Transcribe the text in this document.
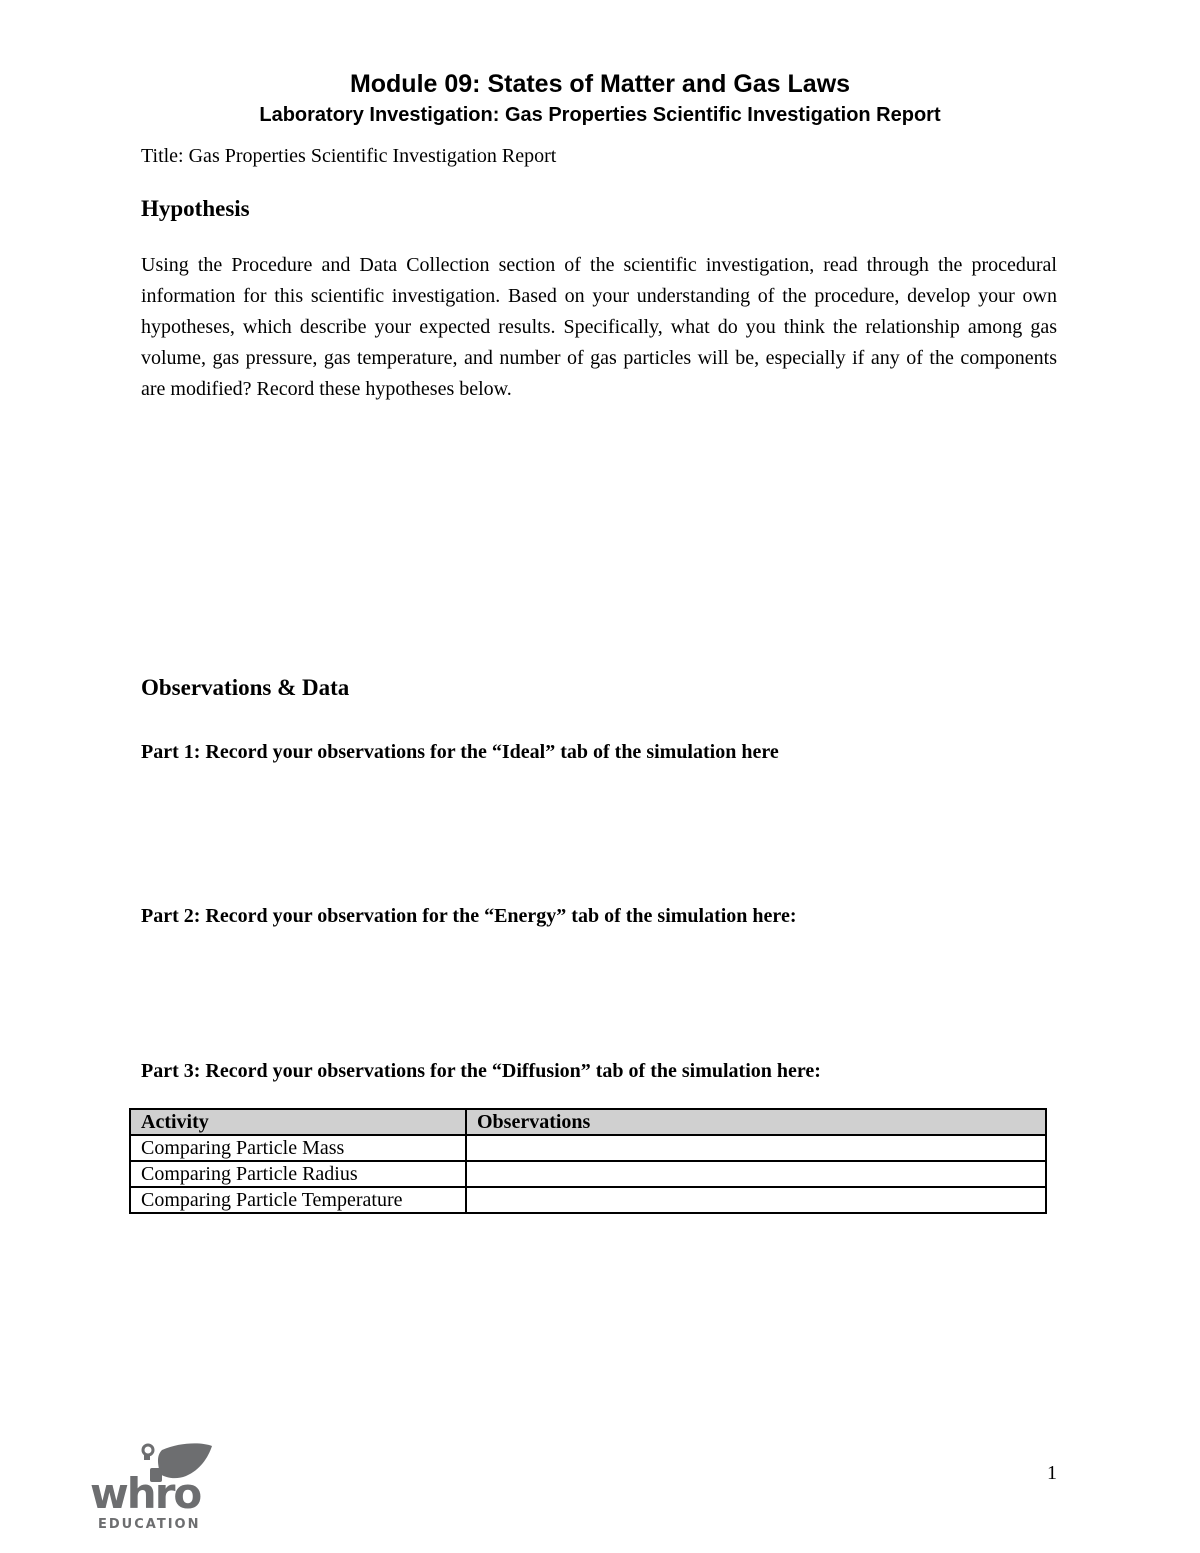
Module 09: States of Matter and Gas Laws
Laboratory Investigation: Gas Properties Scientific Investigation Report
Title: Gas Properties Scientific Investigation Report
Hypothesis
Using the Procedure and Data Collection section of the scientific investigation, read through the procedural information for this scientific investigation. Based on your understanding of the procedure, develop your own hypotheses, which describe your expected results. Specifically, what do you think the relationship among gas volume, gas pressure, gas temperature, and number of gas particles will be, especially if any of the components are modified? Record these hypotheses below.
Observations & Data
Part 1: Record your observations for the “Ideal” tab of the simulation here
Part 2: Record your observation for the “Energy” tab of the simulation here:
Part 3: Record your observations for the “Diffusion” tab of the simulation here:
Activity	Observations
Comparing Particle Mass	
Comparing Particle Radius	
Comparing Particle Temperature	
whro
EDUCATION
1
